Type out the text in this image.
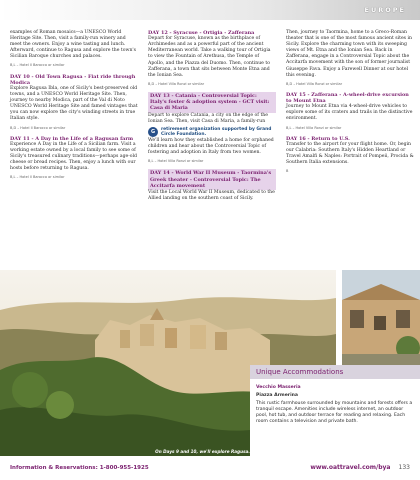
EUROPE

examples of Roman mosaics—a UNESCO World Heritage Site. Then, visit a family-run winery and meet the owners. Enjoy a wine tasting and lunch. Afterward, continue to Ragusa and explore the town's Sicilian Baroque churches and palaces.

B,L – Hotel Il Barocco or similar
DAY 10 - Old Town Ragusa - Fiat ride through Modica

Explore Ragusa Ibla, one of Sicily's best-preserved old towns, and a UNESCO World Heritage Site. Then, journey to nearby Modica, part of the Val di Noto UNESCO World Heritage Site and famed vintages that you can now explore the city's winding streets in true Italian style.

B,D – Hotel Il Barocco or similar
DAY 11 - A Day in the Life of a Ragusan farm

Experience A Day in the Life of a Sicilian farm. Visit a working estate owned by a local family to see some of Sicily's treasured culinary traditions—perhaps age-old cheese or bread recipes. Then, enjoy a lunch with our hosts before returning to Ragusa.

B,L – Hotel Il Barocco or similar
DAY 12 - Syracuse - Ortigia - Zafferana

Depart for Syracuse, known as the birthplace of Archimedes and as a powerful part of the ancient Mediterranean world. Take a walking tour of Ortigia to view the Fountain of Arethusa, the Temple of Apollo, and the Piazza del Duomo. Then, continue to Zafferana, a town that sits between Monte Etna and the Ionian Sea.

B,D – Hotel Villa Ronzi or similar
DAY 13 - Catania - Controversial Topic: Italy's foster & adoption system - GCT visit: Casa di Maria

Depart to explore Catania, a city on the edge of the Ionian Sea. Then, visit Casa di Maria, a family-run

G	retirement organization supported by Grand Circle Foundation.

We'll learn how they established a home for orphaned children and hear about the Controversial Topic of fostering and adoption in Italy from two women.

B,L – Hotel Villa Ronzi or similar
DAY 14 - World War II Museum - Taormina's Greek theater - Controversial Topic: The Accitarfa movement

Visit the Local World War II Museum, dedicated to the Allied landing on the southern coast of Sicily.

Then, journey to Taormina, home to a Greco-Roman theater that is one of the most famous ancient sites in Sicily. Explore the charming town with its sweeping views of Mt. Etna and the Ionian Sea. Back in Zafferana, engage in a Controversial Topic about the Accitarfa movement with the son of former journalist Giuseppe Fava. Enjoy a Farewell Dinner at our hotel this evening.

B,D – Hotel Villa Ronzi or similar
DAY 15 - Zafferana - A-wheel-drive excursion to Mount Etna

Journey to Mount Etna via 4-wheel-drive vehicles to explore some of its craters and trails in the distinctive environment.

B,L – Hotel Villa Ronzi or similar
DAY 16 - Return to U.S.

Transfer to the airport for your flight home. Or, begin our Calabria: Southern Italy's Hidden Heartland or Travel Amalfi & Naples: Portrait of Pompeii, Procida & Southern Italia extensions.

B
On Days 9 and 10, we'll explore Ragusa.
Unique Accommodations
Vecchio Masseria
Piazza Armerina

This rustic farmhouse surrounded by mountains and forests offers a tranquil escape. Amenities include wireless internet, an outdoor pool, hot tub, and outdoor terrace for reading and relaxing. Each room contains a television and private bath.

Information & Reservations: 1-800-955-1925	www.oattravel.com/bya 133
